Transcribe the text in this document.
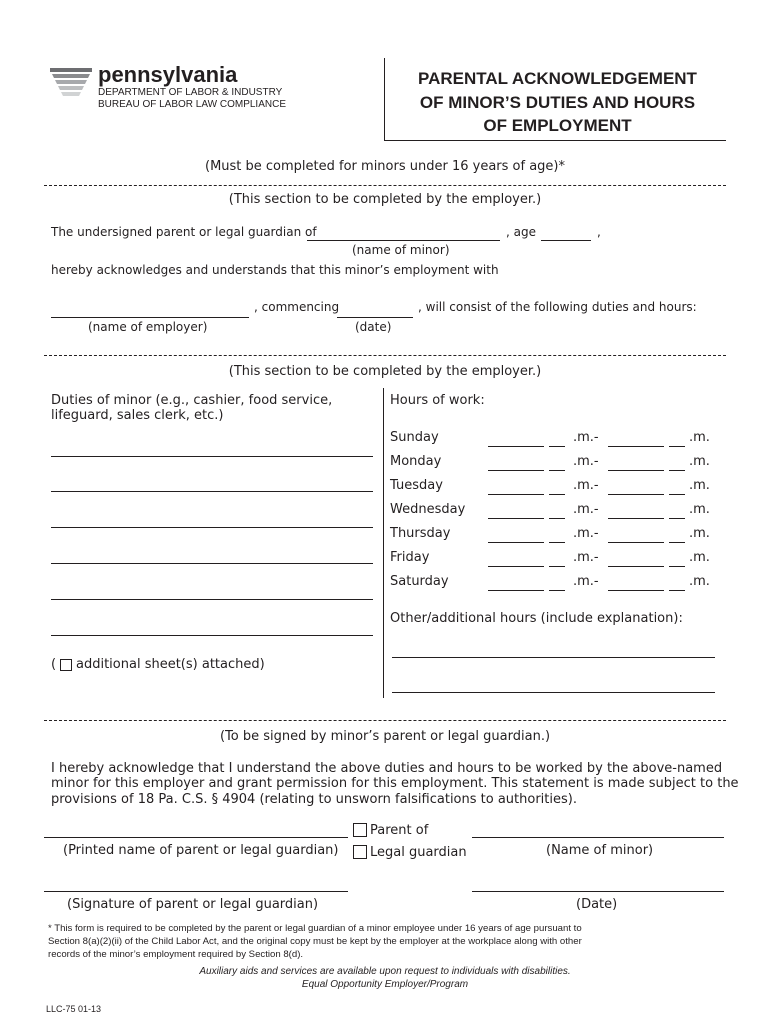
pennsylvania
DEPARTMENT OF LABOR & INDUSTRY
BUREAU OF LABOR LAW COMPLIANCE
PARENTAL ACKNOWLEDGEMENT
OF MINOR’S DUTIES AND HOURS
OF EMPLOYMENT
(Must be completed for minors under 16 years of age)*
(This section to be completed by the employer.)
The undersigned parent or legal guardian of	, age	,
(name of minor)
hereby acknowledges and understands that this minor’s employment with
, commencing	, will consist of the following duties and hours:
(name of employer)	(date)
(This section to be completed by the employer.)
Duties of minor (e.g., cashier, food service,
lifeguard, sales clerk, etc.)
( additional sheet(s) attached)
Hours of work:
Sunday	.m.-	.m.
Monday	.m.-	.m.
Tuesday	.m.-	.m.
Wednesday	.m.-	.m.
Thursday	.m.-	.m.
Friday	.m.-	.m.
Saturday	.m.-	.m.
Other/additional hours (include explanation):
(To be signed by minor’s parent or legal guardian.)
I hereby acknowledge that I understand the above duties and hours to be worked by the above-named
minor for this employer and grant permission for this employment. This statement is made subject to the
provisions of 18 Pa. C.S. § 4904 (relating to unsworn falsifications to authorities).
Parent of
Legal guardian
(Printed name of parent or legal guardian)	(Name of minor)
(Signature of parent or legal guardian)	(Date)
* This form is required to be completed by the parent or legal guardian of a minor employee under 16 years of age pursuant to
Section 8(a)(2)(ii) of the Child Labor Act, and the original copy must be kept by the employer at the workplace along with other
records of the minor’s employment required by Section 8(d).
Auxiliary aids and services are available upon request to individuals with disabilities.
Equal Opportunity Employer/Program
LLC-75 01-13
